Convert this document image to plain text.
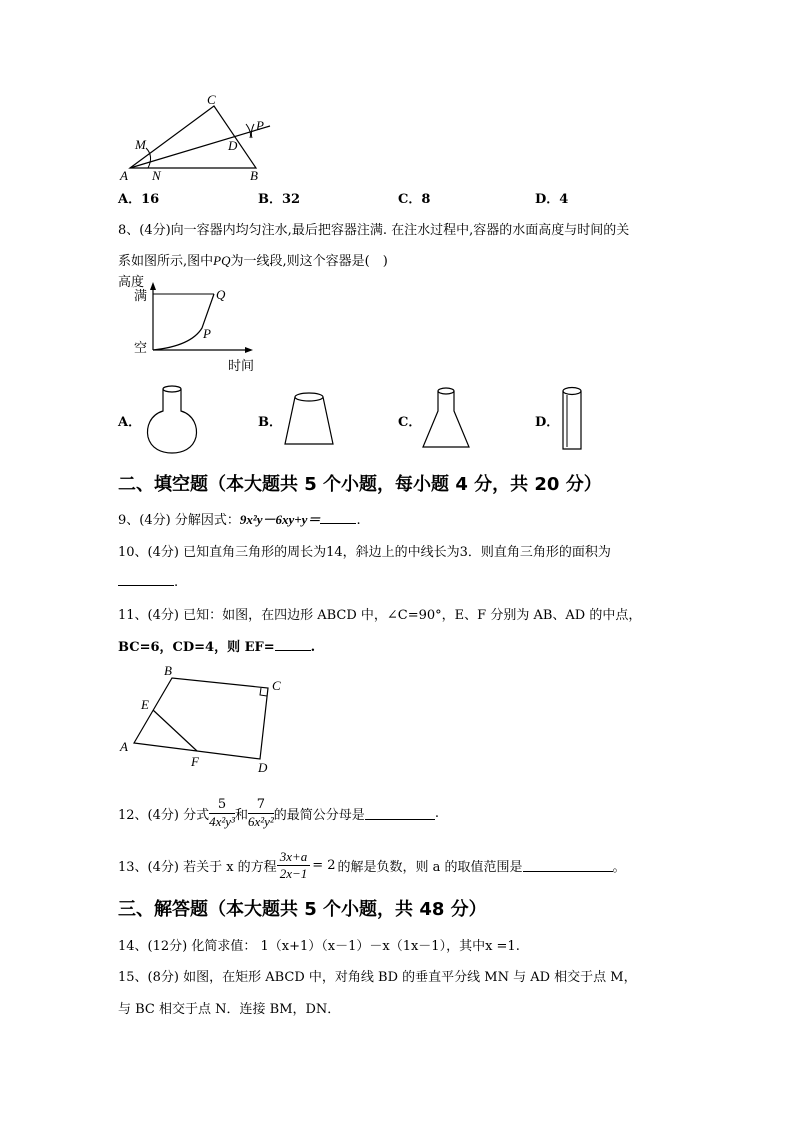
C
M
P
D
A N	B
A．16	B．32	C．8	D．4
8、(4分)向一容器内均匀注水,最后把容器注满. 在注水过程中,容器的水面高度与时间的关
系如图所示,图中PQ为一线段,则这个容器是(　)
高度
满
空
P
Q
时间
A．	B．	C．	D．
二、填空题（本大题共 5 个小题，每小题 4 分，共 20 分）
9、(4分) 分解因式：9x²y－6xy+y＝	.
10、(4分) 已知直角三角形的周长为14，斜边上的中线长为3．则直角三角形的面积为
.
11、(4分) 已知：如图，在四边形 ABCD 中，∠C=90°，E、F 分别为 AB、AD 的中点，
BC=6，CD=4，则 EF=	.
B
C
E
A
F	D
12、(4分) 分式 $\frac{5}{\text{4x²y³}}$ 和 $\frac{7}{\text{6x²y²}}$ 的最简公分母是	.
13、(4分) 若关于 x 的方程 $\frac{3x+a}{2x-1} = 2$ 的解是负数，则 a 的取值范围是	。
三、解答题（本大题共 5 个小题，共 48 分）
14、(12分) 化简求值： 1（x+1）（x－1）－x（1x－1），其中x =1.
15、(8分) 如图，在矩形 ABCD 中，对角线 BD 的垂直平分线 MN 与 AD 相交于点 M，
与 BC 相交于点 N．连接 BM，DN．
